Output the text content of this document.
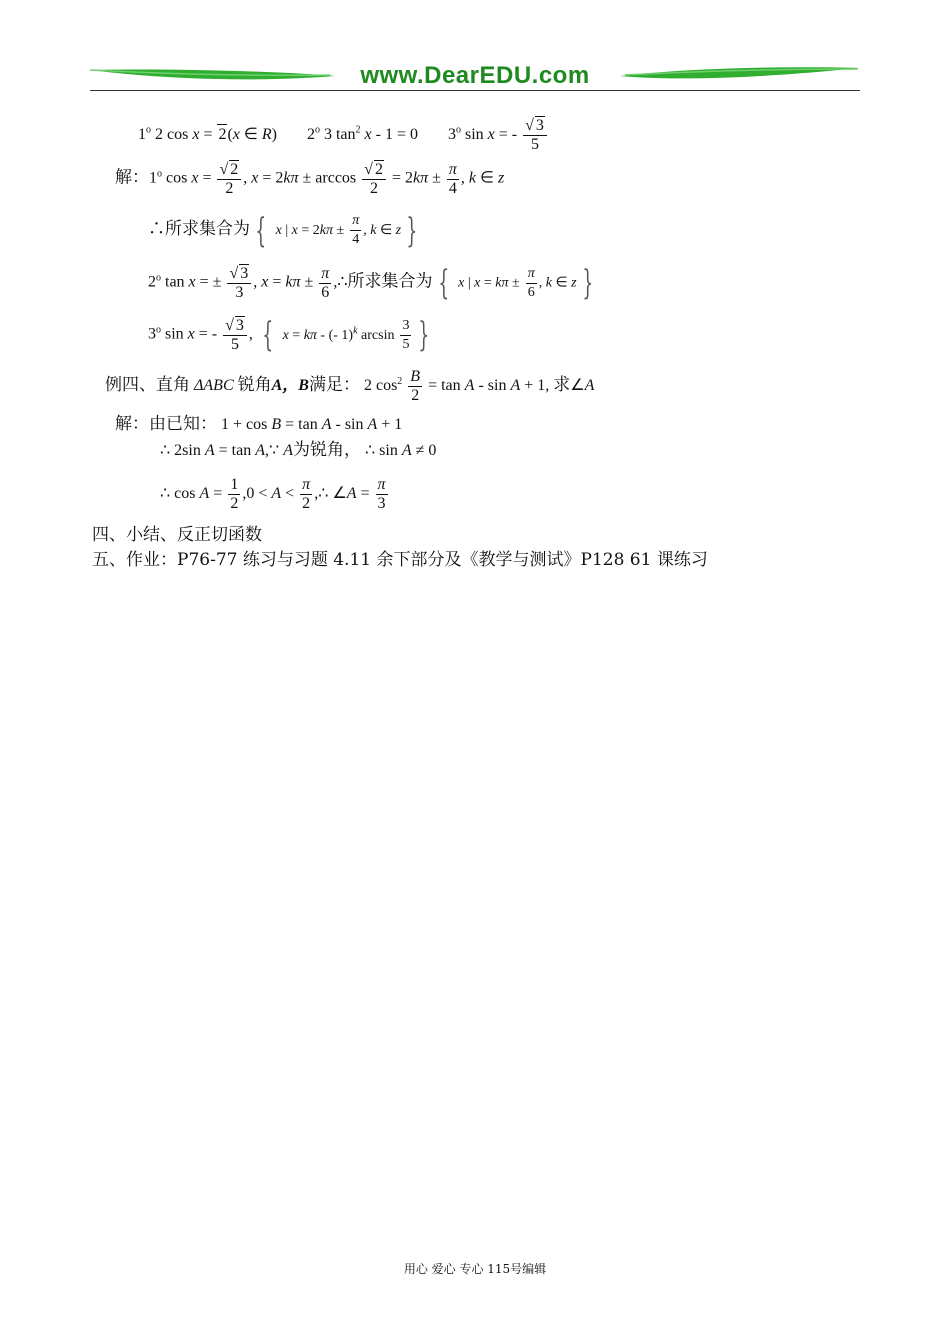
www.DearEDU.com
1$^o$ 2 cos x = 2(x ∈ R) 2$^o$ 3 $\tan^2 x - 1 = 0$ 3$^o$ sin x = - $\frac{√ 3}{5}$
解：1$^o$ $\cos x = \frac{√ 2}{2}$ , $x = 2k\pi \pm \arccos \frac{√ 2}{2} = 2k\pi \pm \frac{\pi}{4}$ , k ∈ z
∴所求集合为 { x | $x = 2k\pi \pm \frac{\pi}{4}$ , k ∈ z }
2$^o$ tan x = ± $\frac{√ 3}{3}$ , $x = k\pi \pm \frac{\pi}{6}$ ,∴所求集合为 { x | $x = k\pi \pm \frac{\pi}{6}$ , k ∈ z }
3$^o$ sin x = - $\frac{√ 3}{5}$ , { x = kπ - (- 1)$^k$ $\arcsin \frac{3}{5}$ }
例四、直角 ΔABC 锐角A，B满足： 2 $\cos^2 \frac{B}{2} = \tan A - \sin A + 1$, 求∠A
解：由已知： 1 + cos B = tan A - sin A + 1
∴ 2sin A = tan A,∵ A为锐角， ∴ sin A ≠ 0
∴ $\cos A = \frac{1}{2} ,0 < A < \frac{\pi}{2}$ ,∴ ∠A = $\frac{\pi}{3}$
四、小结、反正切函数
五、作业：P76-77 练习与习题 4.11 余下部分及《教学与测试》P128 61 课练习
用心 爱心 专心 115号编辑
